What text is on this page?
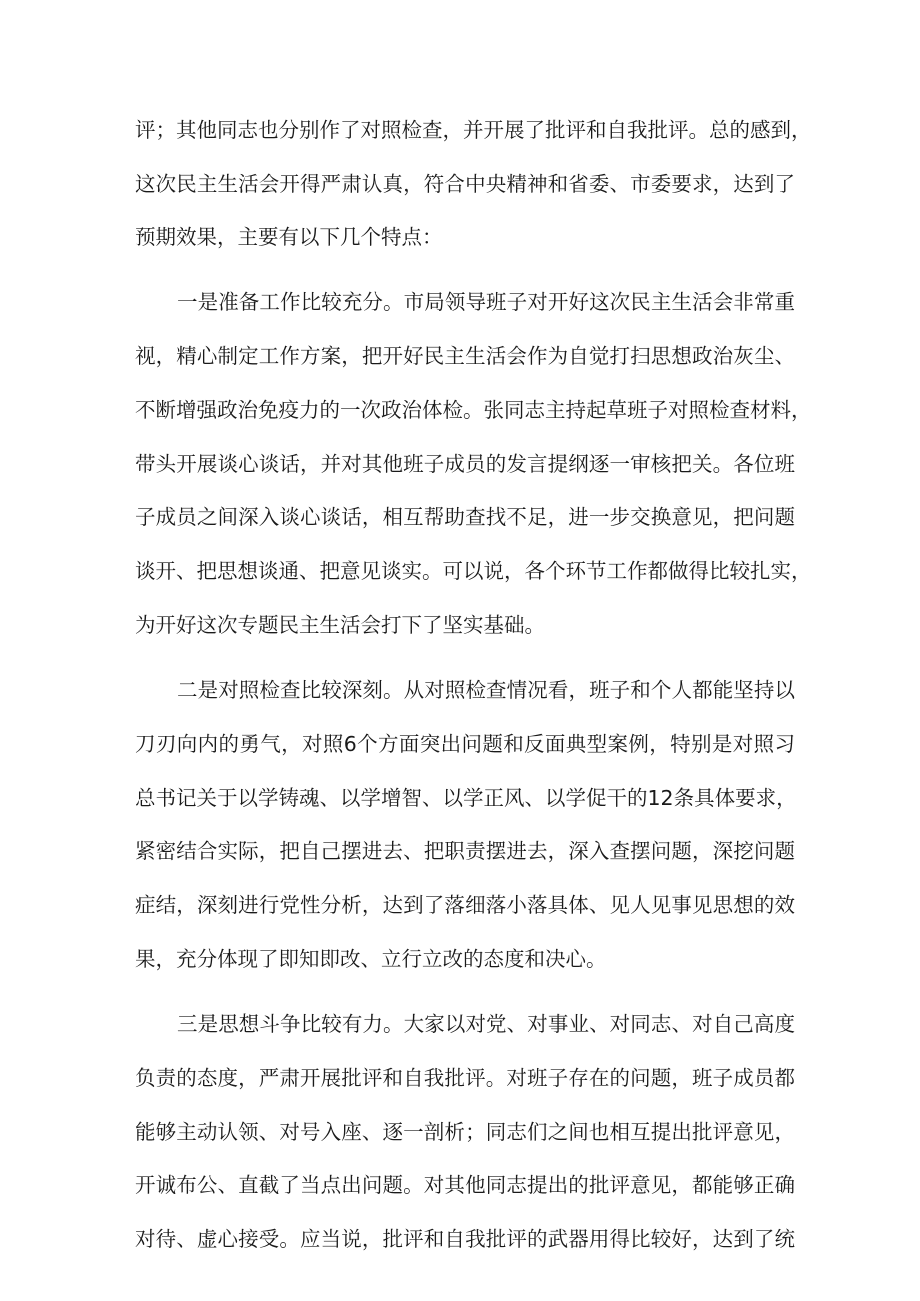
评；其他同志也分别作了对照检查，并开展了批评和自我批评。总的感到，
这次民主生活会开得严肃认真，符合中央精神和省委、市委要求，达到了
预期效果，主要有以下几个特点：
一是准备工作比较充分。市局领导班子对开好这次民主生活会非常重
视，精心制定工作方案，把开好民主生活会作为自觉打扫思想政治灰尘、
不断增强政治免疫力的一次政治体检。张同志主持起草班子对照检查材料，
带头开展谈心谈话，并对其他班子成员的发言提纲逐一审核把关。各位班
子成员之间深入谈心谈话，相互帮助查找不足，进一步交换意见，把问题
谈开、把思想谈通、把意见谈实。可以说，各个环节工作都做得比较扎实，
为开好这次专题民主生活会打下了坚实基础。
二是对照检查比较深刻。从对照检查情况看，班子和个人都能坚持以
刀刃向内的勇气，对照6个方面突出问题和反面典型案例，特别是对照习
总书记关于以学铸魂、以学增智、以学正风、以学促干的12条具体要求，
紧密结合实际，把自己摆进去、把职责摆进去，深入查摆问题，深挖问题
症结，深刻进行党性分析，达到了落细落小落具体、见人见事见思想的效
果，充分体现了即知即改、立行立改的态度和决心。
三是思想斗争比较有力。大家以对党、对事业、对同志、对自己高度
负责的态度，严肃开展批评和自我批评。对班子存在的问题，班子成员都
能够主动认领、对号入座、逐一剖析；同志们之间也相互提出批评意见，
开诚布公、直截了当点出问题。对其他同志提出的批评意见，都能够正确
对待、虚心接受。应当说，批评和自我批评的武器用得比较好，达到了统
